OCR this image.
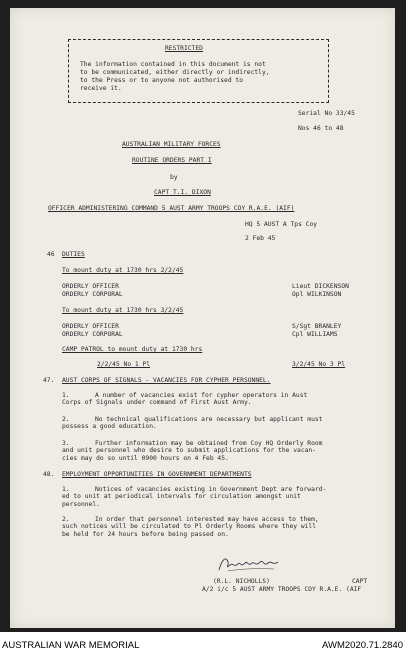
RESTRICTED
The information contained in this document is not
to be communicated, either directly or indirectly,
to the Press or to anyone not authorised to
receive it.
Serial No 33/45
Nos 46 to 48
AUSTRALIAN MILITARY FORCES
ROUTINE ORDERS PART I
by
CAPT T.I. DIXON
OFFICER ADMINISTERING COMMAND 5 AUST ARMY TROOPS COY R.A.E. (AIF)
HQ 5 AUST A Tps Coy
2 Feb 45
46 DUTIES
To mount duty at 1730 hrs 2/2/45
ORDERLY OFFICER	Lieut DICKENSON
ORDERLY CORPORAL	Opl WILKINSON
To mount duty at 1730 hrs 3/2/45
ORDERLY OFFICER	S/Sgt BRANLEY
ORDERLY CORPORAL	Cpl WILLIAMS
CAMP PATROL to mount duty at 1730 hrs
2/2/45 No 1 Pl	3/2/45 No 3 Pl
47. AUST CORPS OF SIGNALS - VACANCIES FOR CYPHER PERSONNEL.
1.	A number of vacancies exist for cypher operators in Aust
Corps of Signals under command of First Aust Army.
2.	No technical qualifications are necessary but applicant must
possess a good education.
3.	Further information may be obtained from Coy HQ Orderly Room
and unit personnel who desire to submit applications for the vacan-
cies may do so until 0900 hours on 4 Feb 45.
48. EMPLOYMENT OPPORTUNITIES IN GOVERNMENT DEPARTMENTS
1.	Notices of vacancies existing in Government Dept are forward-
ed to unit at periodical intervals for circulation amongst unit
personnel.
2.	In order that personnel interested may have access to them,
such notices will be circulated to Pl Orderly Rooms where they will
be held for 24 hours before being passed on.
(R.L. NICHOLLS)	CAPT
A/2 i/c 5 AUST ARMY TROOPS COY R.A.E. (AIF
AUSTRALIAN WAR MEMORIAL	AWM2020.71.2840
